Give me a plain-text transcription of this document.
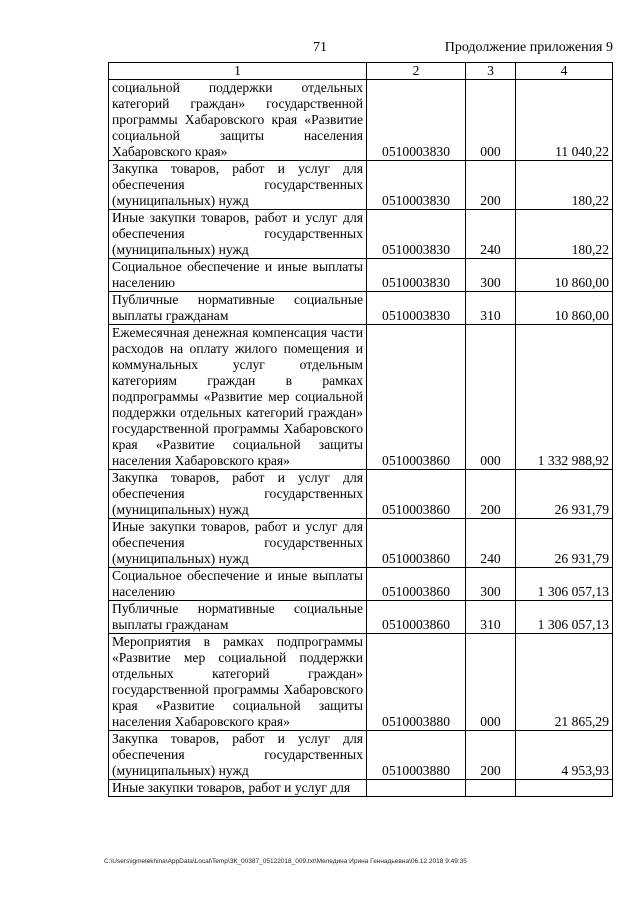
71	Продолжение приложения 9
1	2	3	4
социальной поддержки отдельных категорий граждан» государственной программы Хабаровского края «Развитие социальной защиты населения Хабаровского края»	0510003830	000	11 040,22
Закупка товаров, работ и услуг для обеспечения государственных (муниципальных) нужд	0510003830	200	180,22
Иные закупки товаров, работ и услуг для обеспечения государственных (муниципальных) нужд	0510003830	240	180,22
Социальное обеспечение и иные выплаты населению	0510003830	300	10 860,00
Публичные нормативные социальные выплаты гражданам	0510003830	310	10 860,00
Ежемесячная денежная компенсация части расходов на оплату жилого помещения и коммунальных услуг отдельным категориям граждан в рамках подпрограммы «Развитие мер социальной поддержки отдельных категорий граждан» государственной программы Хабаровского края «Развитие социальной защиты населения Хабаровского края»	0510003860	000	1 332 988,92
Закупка товаров, работ и услуг для обеспечения государственных (муниципальных) нужд	0510003860	200	26 931,79
Иные закупки товаров, работ и услуг для обеспечения государственных (муниципальных) нужд	0510003860	240	26 931,79
Социальное обеспечение и иные выплаты населению	0510003860	300	1 306 057,13
Публичные нормативные социальные выплаты гражданам	0510003860	310	1 306 057,13
Мероприятия в рамках подпрограммы «Развитие мер социальной поддержки отдельных категорий граждан» государственной программы Хабаровского края «Развитие социальной защиты населения Хабаровского края»	0510003880	000	21 865,29
Закупка товаров, работ и услуг для обеспечения государственных (муниципальных) нужд	0510003880	200	4 953,93
Иные закупки товаров, работ и услуг для			
C:\Users\igmelekhina\AppData\Local\Temp\ЗК_00387_05122018_009.txt\Меледина Ирина Геннадьевна\06.12.2018 9:49:35
